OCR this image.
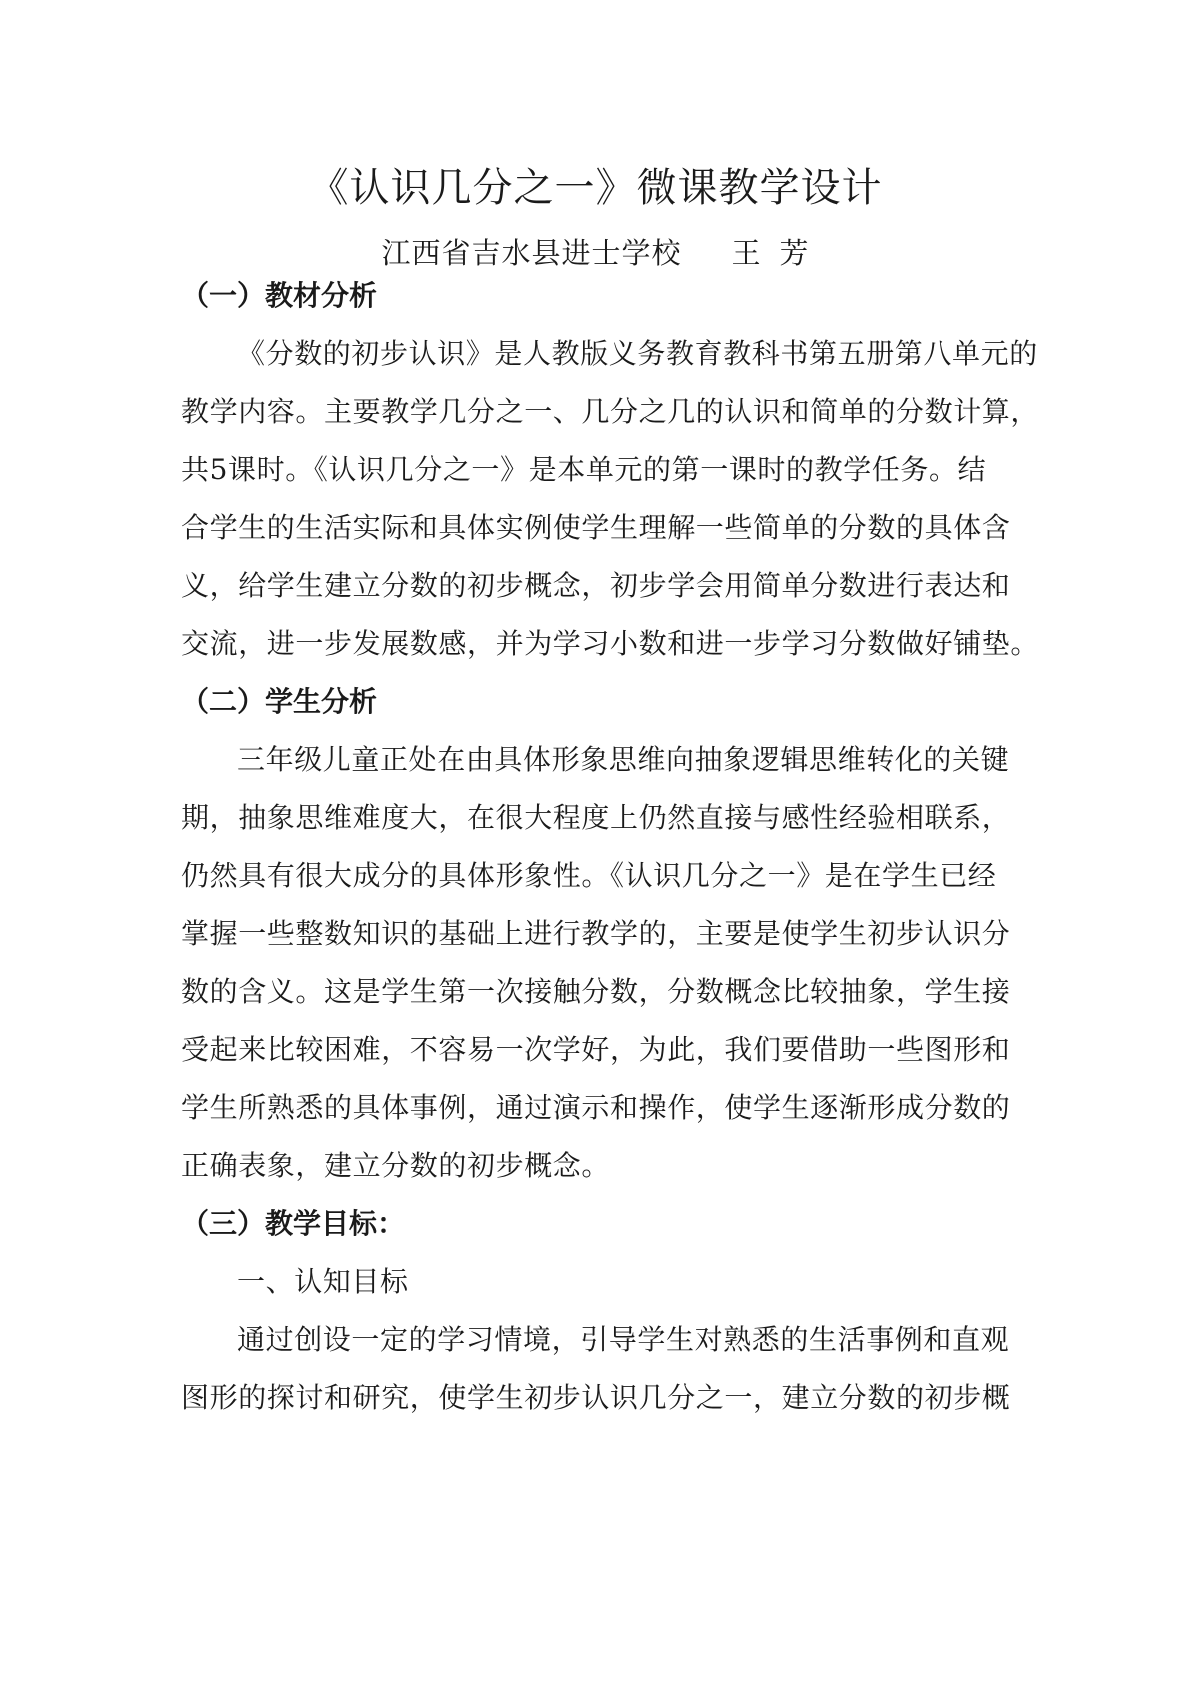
《认识几分之一》微课教学设计
江西省吉水县进士学校 王 芳
（一）教材分析
《分数的初步认识》是人教版义务教育教科书第五册第八单元的
教学内容。主要教学几分之一、几分之几的认识和简单的分数计算，
共5课时。《认识几分之一》是本单元的第一课时的教学任务。结
合学生的生活实际和具体实例使学生理解一些简单的分数的具体含
义，给学生建立分数的初步概念，初步学会用简单分数进行表达和
交流，进一步发展数感，并为学习小数和进一步学习分数做好铺垫。
（二）学生分析
三年级儿童正处在由具体形象思维向抽象逻辑思维转化的关键
期，抽象思维难度大，在很大程度上仍然直接与感性经验相联系，
仍然具有很大成分的具体形象性。《认识几分之一》是在学生已经
掌握一些整数知识的基础上进行教学的，主要是使学生初步认识分
数的含义。这是学生第一次接触分数，分数概念比较抽象，学生接
受起来比较困难，不容易一次学好，为此，我们要借助一些图形和
学生所熟悉的具体事例，通过演示和操作，使学生逐渐形成分数的
正确表象，建立分数的初步概念。
（三）教学目标：
一、认知目标
通过创设一定的学习情境，引导学生对熟悉的生活事例和直观
图形的探讨和研究，使学生初步认识几分之一，建立分数的初步概
